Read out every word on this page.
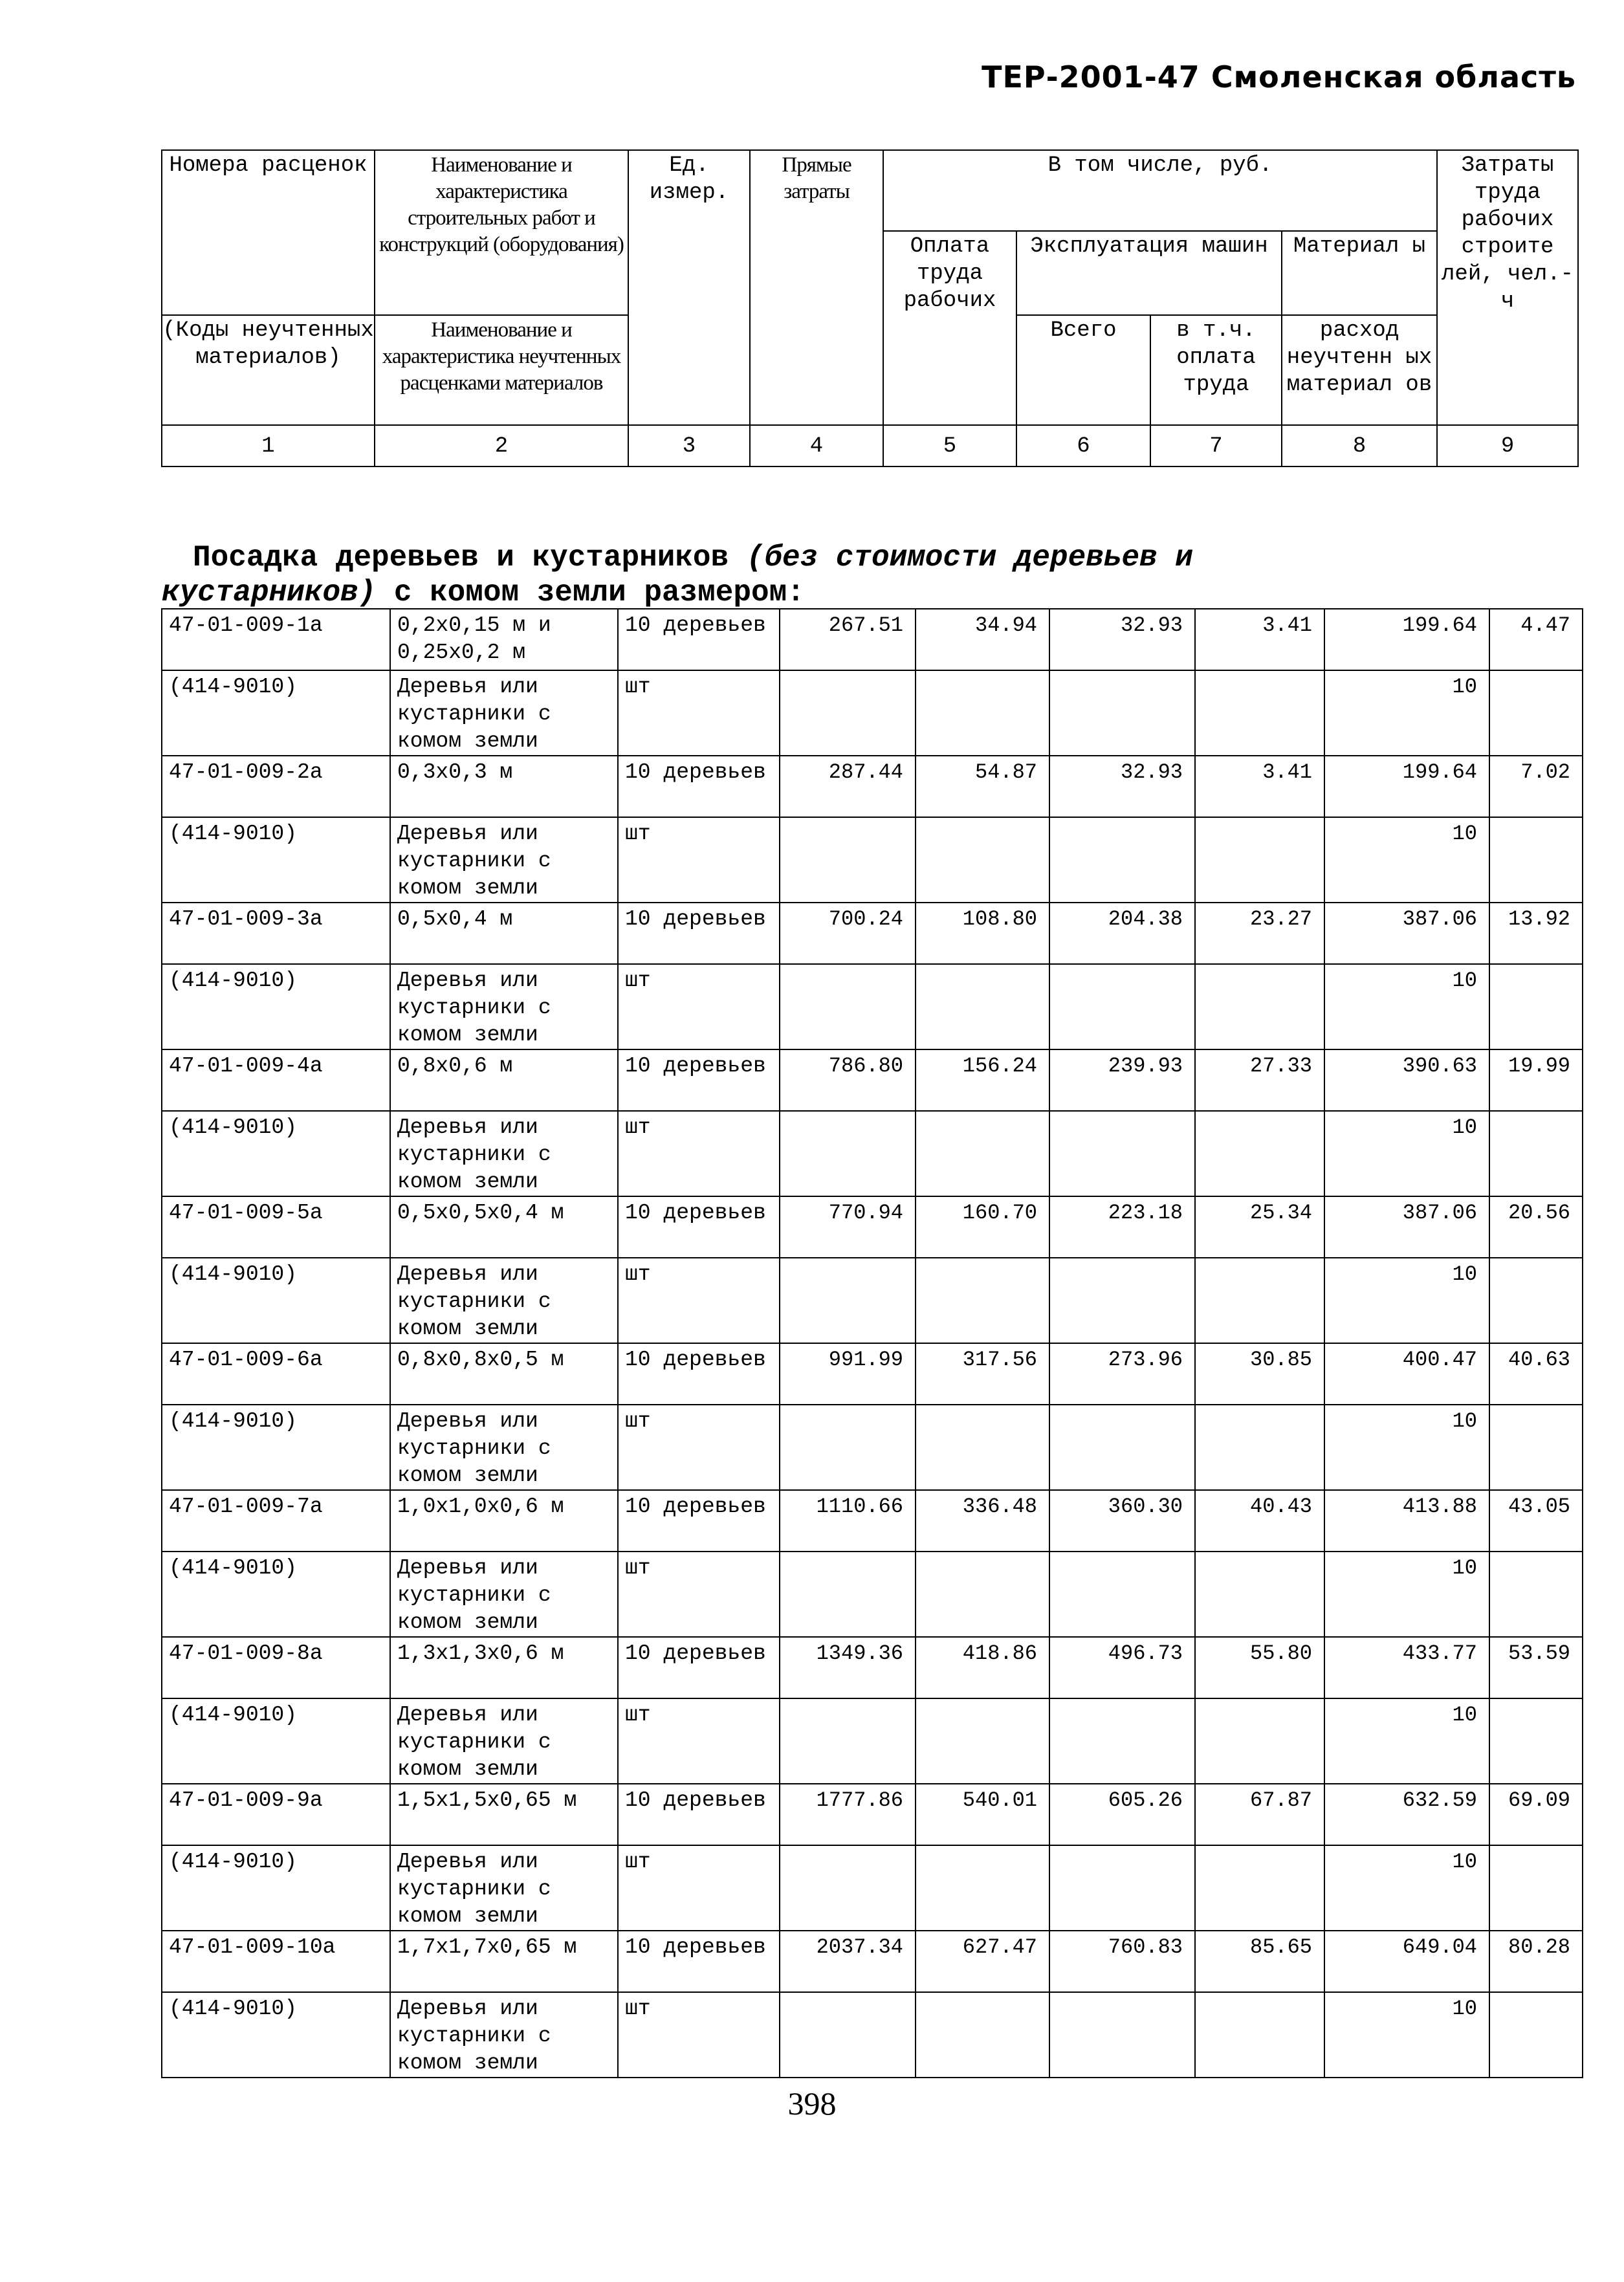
ТЕР-2001-47 Смоленская область
Номера расценок	Наименование и характеристика строительных работ и конструкций (оборудования)	Ед. измер.	Прямые затраты	В том числе, руб.				Затраты труда рабочих строите лей, чел.-ч
				Оплата труда рабочих	Эксплуатация машин		Материал ы	
(Коды неучтенных материалов)	Наименование и характеристика неучтенных расценками материалов				Всего	в т.ч. оплата труда	расход неучтенн ых материал ов	

1	2	3	4	5	6	7	8	9
Посадка деревьев и кустарников (без стоимости деревьев и
кустарников) с комом земли размером:
47-01-009-1а	0,2х0,15 м и 0,25х0,2 м	10 деревьев	267.51	34.94	32.93	3.41	199.64	4.47
(414-9010)	Деревья или кустарники с комом земли	шт					10	
47-01-009-2а	0,3х0,3 м	10 деревьев	287.44	54.87	32.93	3.41	199.64	7.02
(414-9010)	Деревья или кустарники с комом земли	шт					10	
47-01-009-3а	0,5х0,4 м	10 деревьев	700.24	108.80	204.38	23.27	387.06	13.92
(414-9010)	Деревья или кустарники с комом земли	шт					10	
47-01-009-4а	0,8х0,6 м	10 деревьев	786.80	156.24	239.93	27.33	390.63	19.99
(414-9010)	Деревья или кустарники с комом земли	шт					10	
47-01-009-5а	0,5х0,5х0,4 м	10 деревьев	770.94	160.70	223.18	25.34	387.06	20.56
(414-9010)	Деревья или кустарники с комом земли	шт					10	
47-01-009-6а	0,8х0,8х0,5 м	10 деревьев	991.99	317.56	273.96	30.85	400.47	40.63
(414-9010)	Деревья или кустарники с комом земли	шт					10	
47-01-009-7а	1,0х1,0х0,6 м	10 деревьев	1110.66	336.48	360.30	40.43	413.88	43.05
(414-9010)	Деревья или кустарники с комом земли	шт					10	
47-01-009-8а	1,3х1,3х0,6 м	10 деревьев	1349.36	418.86	496.73	55.80	433.77	53.59
(414-9010)	Деревья или кустарники с комом земли	шт					10	
47-01-009-9а	1,5х1,5х0,65 м	10 деревьев	1777.86	540.01	605.26	67.87	632.59	69.09
(414-9010)	Деревья или кустарники с комом земли	шт					10	
47-01-009-10а	1,7х1,7х0,65 м	10 деревьев	2037.34	627.47	760.83	85.65	649.04	80.28
(414-9010)	Деревья или кустарники с комом земли	шт					10	
398
